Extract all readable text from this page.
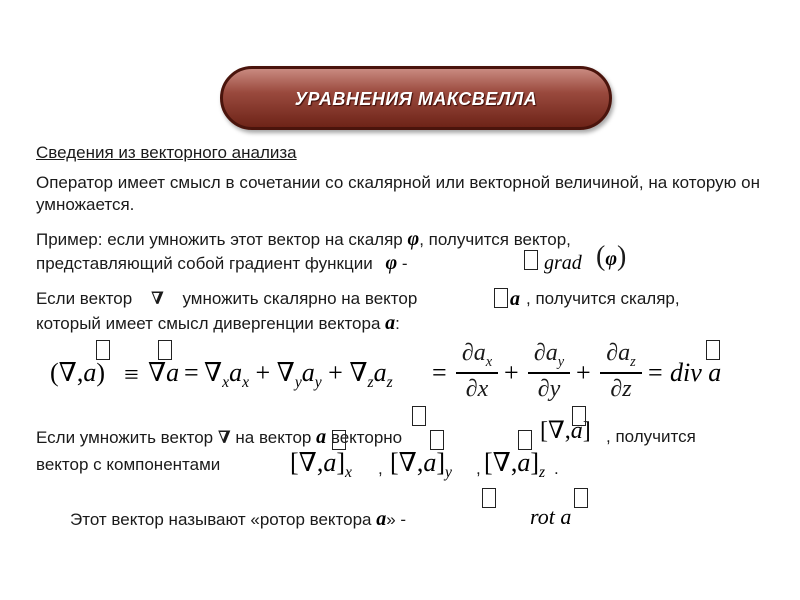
УРАВНЕНИЯ МАКСВЕЛЛА
Сведения из векторного анализа
Оператор имеет смысл в сочетании со скалярной или векторной величиной, на которую он умножается.
Пример: если умножить этот вектор на скаляр φ, получится вектор,
представляющий собой градиент функции φ -	grad (φ)
Если вектор ∇ умножить скалярно на вектор	a , получится скаляр,
который имеет смысл дивергенции вектора a:
$(\nabla,a) \equiv \nabla a = \nabla_xa_x + \nabla_ya_y + \nabla_za_z$ =
$\partial a_x$
∂x
+
$\partial a_y$
∂y
+
$\partial a_z$
∂z
= div a
Если умножить вектор ∇ на вектор a векторно	[∇,a] , получится
вектор с компонентами	$[\nabla,a]_x$ , $[\nabla,a]_y$ , $[\nabla,a]_z$ .
Этот вектор называют «ротор вектора a» -	rot a
